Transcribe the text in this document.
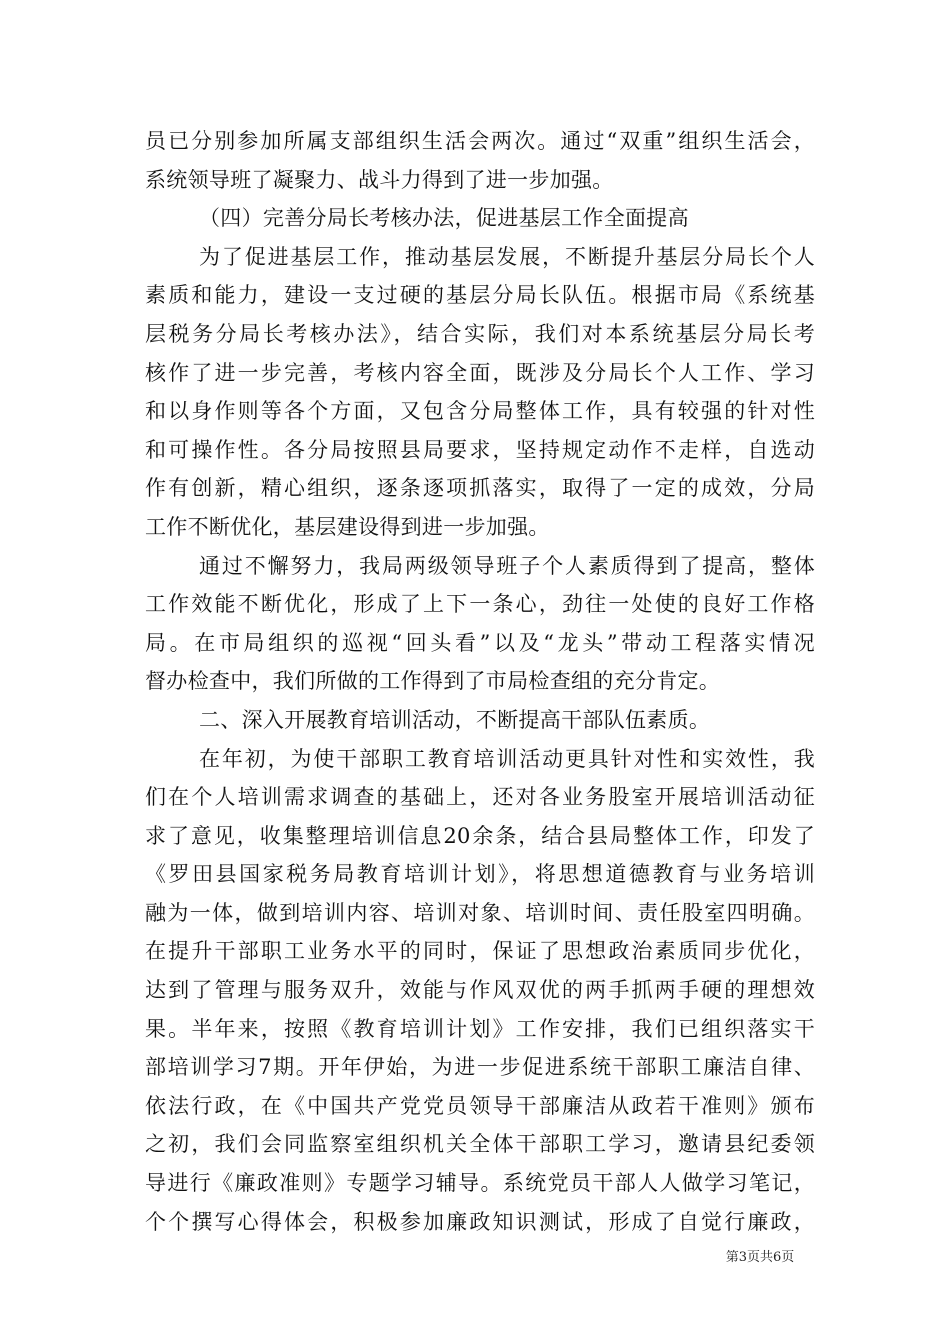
员已分别参加所属支部组织生活会两次。通过“双重”组织生活会，
系统领导班了凝聚力、战斗力得到了进一步加强。
（四）完善分局长考核办法，促进基层工作全面提高
为了促进基层工作，推动基层发展，不断提升基层分局长个人
素质和能力，建设一支过硬的基层分局长队伍。根据市局《系统基
层税务分局长考核办法》，结合实际，我们对本系统基层分局长考
核作了进一步完善，考核内容全面，既涉及分局长个人工作、学习
和以身作则等各个方面，又包含分局整体工作，具有较强的针对性
和可操作性。各分局按照县局要求，坚持规定动作不走样，自选动
作有创新，精心组织，逐条逐项抓落实，取得了一定的成效，分局
工作不断优化，基层建设得到进一步加强。
通过不懈努力，我局两级领导班子个人素质得到了提高，整体
工作效能不断优化，形成了上下一条心，劲往一处使的良好工作格
局。在市局组织的巡视“回头看”以及“龙头”带动工程落实情况
督办检查中，我们所做的工作得到了市局检查组的充分肯定。
二、深入开展教育培训活动，不断提高干部队伍素质。
在年初，为使干部职工教育培训活动更具针对性和实效性，我
们在个人培训需求调查的基础上，还对各业务股室开展培训活动征
求了意见，收集整理培训信息20余条，结合县局整体工作，印发了
《罗田县国家税务局教育培训计划》，将思想道德教育与业务培训
融为一体，做到培训内容、培训对象、培训时间、责任股室四明确。
在提升干部职工业务水平的同时，保证了思想政治素质同步优化，
达到了管理与服务双升，效能与作风双优的两手抓两手硬的理想效
果。半年来，按照《教育培训计划》工作安排，我们已组织落实干
部培训学习7期。开年伊始，为进一步促进系统干部职工廉洁自律、
依法行政，在《中国共产党党员领导干部廉洁从政若干准则》颁布
之初，我们会同监察室组织机关全体干部职工学习，邀请县纪委领
导进行《廉政准则》专题学习辅导。系统党员干部人人做学习笔记，
个个撰写心得体会，积极参加廉政知识测试，形成了自觉行廉政，
第3页共6页
